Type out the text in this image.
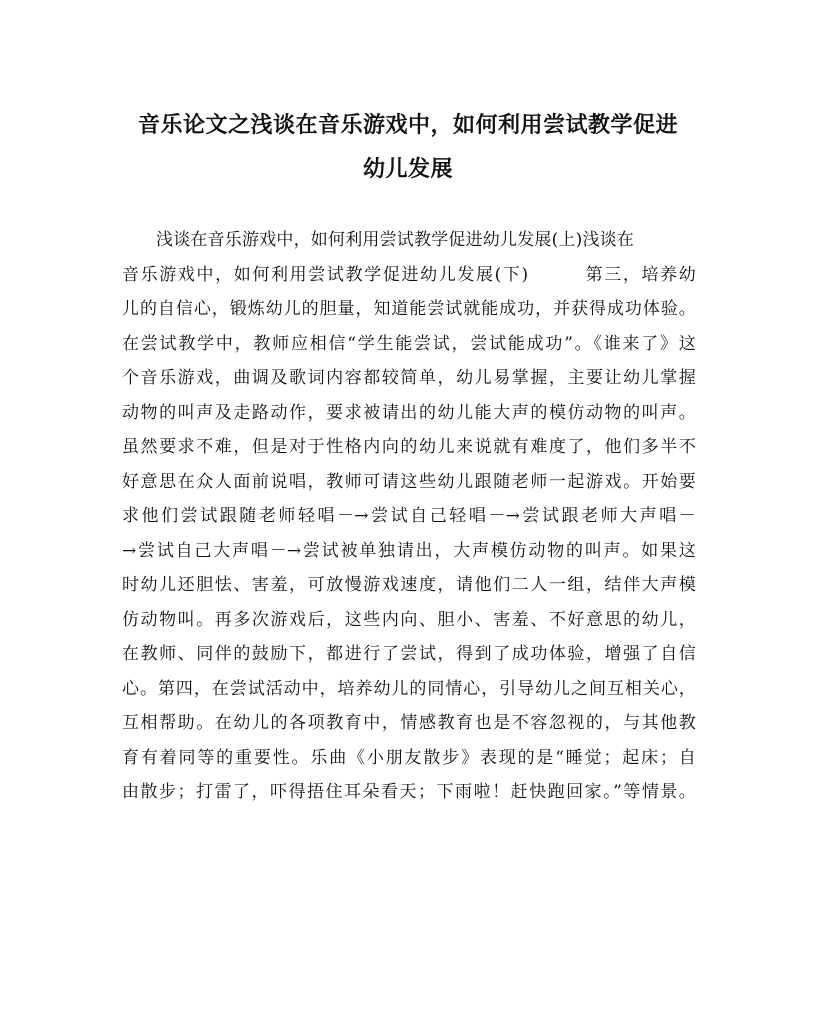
音乐论文之浅谈在音乐游戏中，如何利用尝试教学促进
幼儿发展
浅谈在音乐游戏中，如何利用尝试教学促进幼儿发展(上)浅谈在
音乐游戏中，如何利用尝试教学促进幼儿发展(下)　　　第三，培养幼
儿的自信心，锻炼幼儿的胆量，知道能尝试就能成功，并获得成功体验。
在尝试教学中，教师应相信“学生能尝试，尝试能成功”。《谁来了》这
个音乐游戏，曲调及歌词内容都较简单，幼儿易掌握，主要让幼儿掌握
动物的叫声及走路动作，要求被请出的幼儿能大声的模仿动物的叫声。
虽然要求不难，但是对于性格内向的幼儿来说就有难度了，他们多半不
好意思在众人面前说唱，教师可请这些幼儿跟随老师一起游戏。开始要
求他们尝试跟随老师轻唱－→尝试自己轻唱－→尝试跟老师大声唱－
→尝试自己大声唱－→尝试被单独请出，大声模仿动物的叫声。如果这
时幼儿还胆怯、害羞，可放慢游戏速度，请他们二人一组，结伴大声模
仿动物叫。再多次游戏后，这些内向、胆小、害羞、不好意思的幼儿，
在教师、同伴的鼓励下，都进行了尝试，得到了成功体验，增强了自信
心。第四，在尝试活动中，培养幼儿的同情心，引导幼儿之间互相关心，
互相帮助。在幼儿的各项教育中，情感教育也是不容忽视的，与其他教
育有着同等的重要性。乐曲《小朋友散步》表现的是“睡觉；起床；自
由散步；打雷了，吓得捂住耳朵看天；下雨啦！赶快跑回家。”等情景。
